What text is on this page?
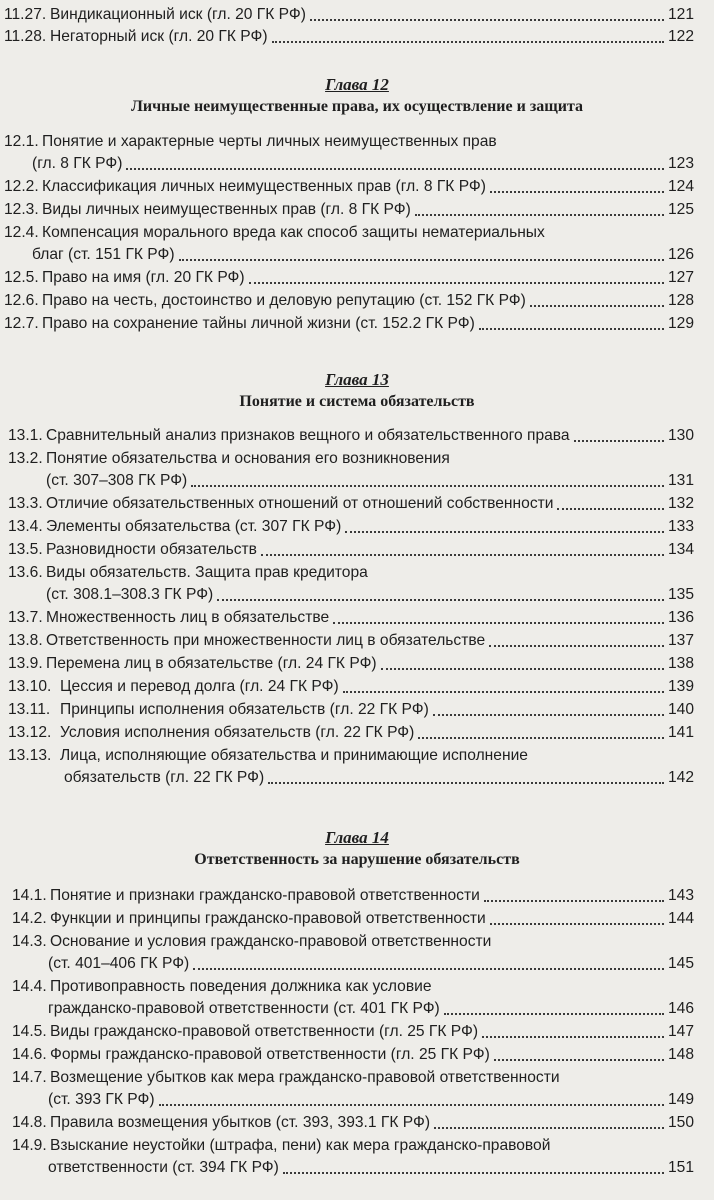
11.27. Виндикационный иск (гл. 20 ГК РФ)	121
11.28. Негаторный иск (гл. 20 ГК РФ)	122
Глава 12
Личные неимущественные права, их осуществление и защита
12.1. Понятие и характерные черты личных неимущественных прав
(гл. 8 ГК РФ)	123
12.2. Классификация личных неимущественных прав (гл. 8 ГК РФ)	124
12.3. Виды личных неимущественных прав (гл. 8 ГК РФ)	125
12.4. Компенсация морального вреда как способ защиты нематериальных
благ (ст. 151 ГК РФ)	126
12.5. Право на имя (гл. 20 ГК РФ)	127
12.6. Право на честь, достоинство и деловую репутацию (ст. 152 ГК РФ)	128
12.7. Право на сохранение тайны личной жизни (ст. 152.2 ГК РФ)	129
Глава 13
Понятие и система обязательств
13.1. Сравнительный анализ признаков вещного и обязательственного права	130
13.2. Понятие обязательства и основания его возникновения
(ст. 307–308 ГК РФ)	131
13.3. Отличие обязательственных отношений от отношений собственности	132
13.4. Элементы обязательства (ст. 307 ГК РФ)	133
13.5. Разновидности обязательств	134
13.6. Виды обязательств. Защита прав кредитора
(ст. 308.1–308.3 ГК РФ)	135
13.7. Множественность лиц в обязательстве	136
13.8. Ответственность при множественности лиц в обязательстве	137
13.9. Перемена лиц в обязательстве (гл. 24 ГК РФ)	138
13.10. Цессия и перевод долга (гл. 24 ГК РФ)	139
13.11. Принципы исполнения обязательств (гл. 22 ГК РФ)	140
13.12. Условия исполнения обязательств (гл. 22 ГК РФ)	141
13.13. Лица, исполняющие обязательства и принимающие исполнение
обязательств (гл. 22 ГК РФ)	142
Глава 14
Ответственность за нарушение обязательств
14.1. Понятие и признаки гражданско-правовой ответственности	143
14.2. Функции и принципы гражданско-правовой ответственности	144
14.3. Основание и условия гражданско-правовой ответственности
(ст. 401–406 ГК РФ)	145
14.4. Противоправность поведения должника как условие
гражданско-правовой ответственности (ст. 401 ГК РФ)	146
14.5. Виды гражданско-правовой ответственности (гл. 25 ГК РФ)	147
14.6. Формы гражданско-правовой ответственности (гл. 25 ГК РФ)	148
14.7. Возмещение убытков как мера гражданско-правовой ответственности
(ст. 393 ГК РФ)	149
14.8. Правила возмещения убытков (ст. 393, 393.1 ГК РФ)	150
14.9. Взыскание неустойки (штрафа, пени) как мера гражданско-правовой
ответственности (ст. 394 ГК РФ)	151
